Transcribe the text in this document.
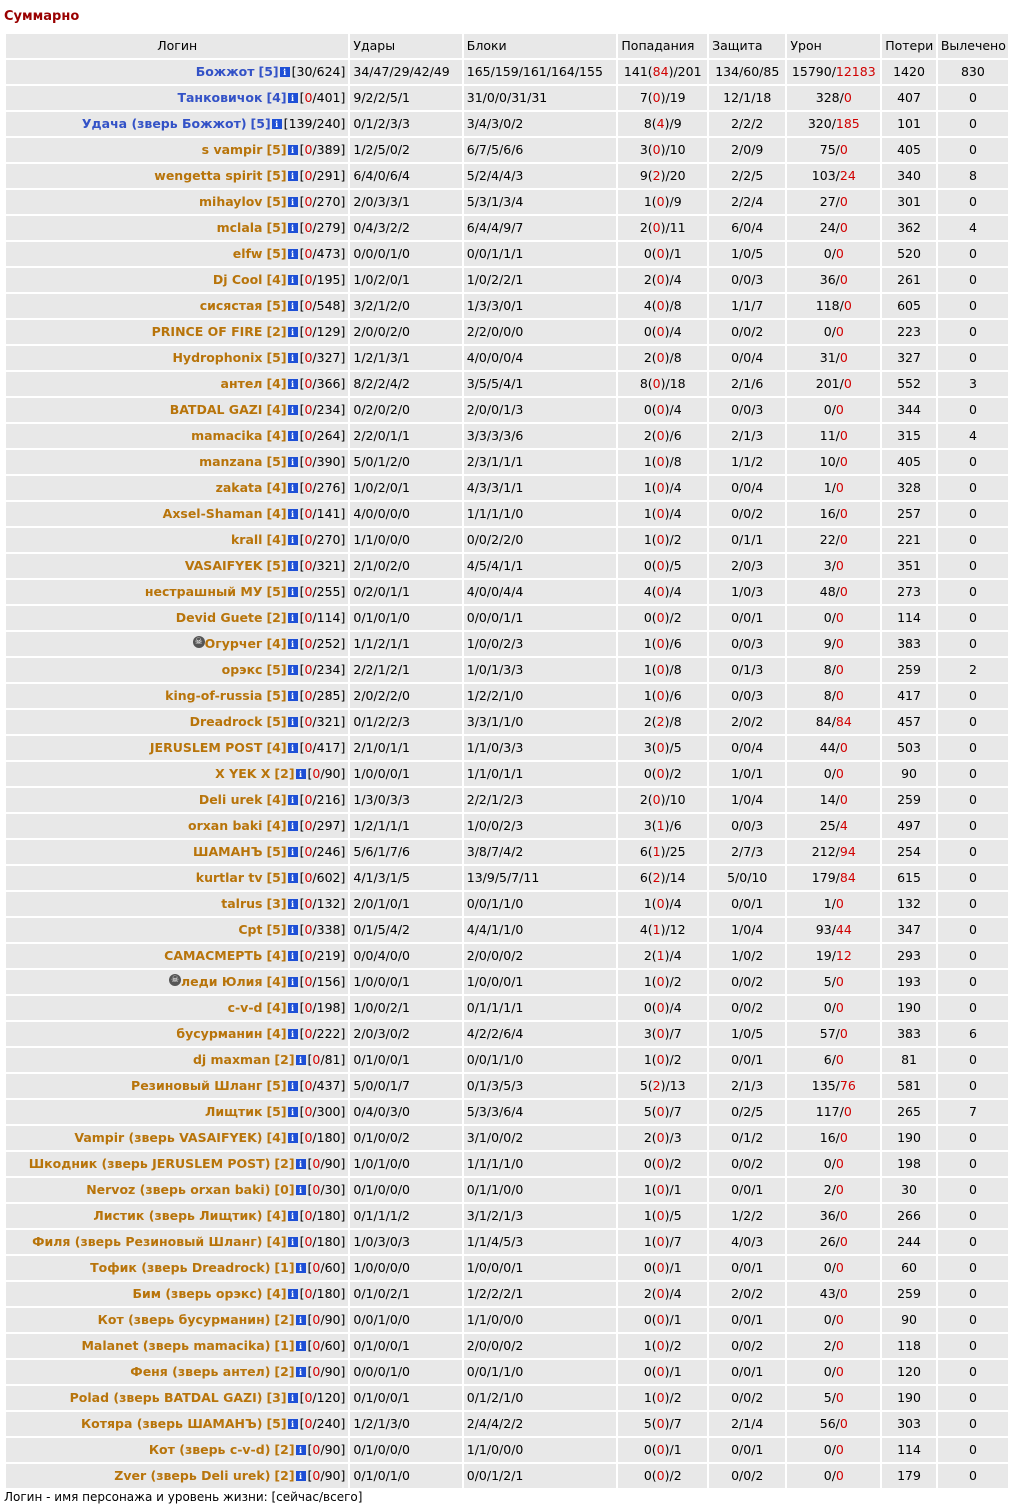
Суммарно
Логин	Удары	Блоки	Попадания	Защита	Урон	Потери	Вылечено
Божжот [5] i [30/624]	34/47/29/42/49	165/159/161/164/155	141(84)/201	134/60/85	15790/12183	1420	830
Танковичок [4] i [0/401]	9/2/2/5/1	31/0/0/31/31	7(0)/19	12/1/18	328/0	407	0
Удача (зверь Божжот) [5] i [139/240]	0/1/2/3/3	3/4/3/0/2	8(4)/9	2/2/2	320/185	101	0
s vampir [5] i [0/389]	1/2/5/0/2	6/7/5/6/6	3(0)/10	2/0/9	75/0	405	0
wengetta spirit [5] i [0/291]	6/4/0/6/4	5/2/4/4/3	9(2)/20	2/2/5	103/24	340	8
mihaylov [5] i [0/270]	2/0/3/3/1	5/3/1/3/4	1(0)/9	2/2/4	27/0	301	0
mclala [5] i [0/279]	0/4/3/2/2	6/4/4/9/7	2(0)/11	6/0/4	24/0	362	4
elfw [5] i [0/473]	0/0/0/1/0	0/0/1/1/1	0(0)/1	1/0/5	0/0	520	0
Dj Cool [4] i [0/195]	1/0/2/0/1	1/0/2/2/1	2(0)/4	0/0/3	36/0	261	0
сисястая [5] i [0/548]	3/2/1/2/0	1/3/3/0/1	4(0)/8	1/1/7	118/0	605	0
PRINCE OF FIRE [2] i [0/129]	2/0/0/2/0	2/2/0/0/0	0(0)/4	0/0/2	0/0	223	0
Hydrophonix [5] i [0/327]	1/2/1/3/1	4/0/0/0/4	2(0)/8	0/0/4	31/0	327	0
антел [4] i [0/366]	8/2/2/4/2	3/5/5/4/1	8(0)/18	2/1/6	201/0	552	3
BATDAL GAZI [4] i [0/234]	0/2/0/2/0	2/0/0/1/3	0(0)/4	0/0/3	0/0	344	0
mamacika [4] i [0/264]	2/2/0/1/1	3/3/3/3/6	2(0)/6	2/1/3	11/0	315	4
manzana [5] i [0/390]	5/0/1/2/0	2/3/1/1/1	1(0)/8	1/1/2	10/0	405	0
zakata [4] i [0/276]	1/0/2/0/1	4/3/3/1/1	1(0)/4	0/0/4	1/0	328	0
Axsel-Shaman [4] i [0/141]	4/0/0/0/0	1/1/1/1/0	1(0)/4	0/0/2	16/0	257	0
krall [4] i [0/270]	1/1/0/0/0	0/0/2/2/0	1(0)/2	0/1/1	22/0	221	0
VASAIFYEK [5] i [0/321]	2/1/0/2/0	4/5/4/1/1	0(0)/5	2/0/3	3/0	351	0
нестрашный МУ [5] i [0/255]	0/2/0/1/1	4/0/0/4/4	4(0)/4	1/0/3	48/0	273	0
Devid Guete [2] i [0/114]	0/1/0/1/0	0/0/0/1/1	0(0)/2	0/0/1	0/0	114	0
☠ Огурчег [4] i [0/252]	1/1/2/1/1	1/0/0/2/3	1(0)/6	0/0/3	9/0	383	0
орэкс [5] i [0/234]	2/2/1/2/1	1/0/1/3/3	1(0)/8	0/1/3	8/0	259	2
king-of-russia [5] i [0/285]	2/0/2/2/0	1/2/2/1/0	1(0)/6	0/0/3	8/0	417	0
Dreadrock [5] i [0/321]	0/1/2/2/3	3/3/1/1/0	2(2)/8	2/0/2	84/84	457	0
JERUSLEM POST [4] i [0/417]	2/1/0/1/1	1/1/0/3/3	3(0)/5	0/0/4	44/0	503	0
X YEK X [2] i [0/90]	1/0/0/0/1	1/1/0/1/1	0(0)/2	1/0/1	0/0	90	0
Deli urek [4] i [0/216]	1/3/0/3/3	2/2/1/2/3	2(0)/10	1/0/4	14/0	259	0
orxan baki [4] i [0/297]	1/2/1/1/1	1/0/0/2/3	3(1)/6	0/0/3	25/4	497	0
ШАМАНЪ [5] i [0/246]	5/6/1/7/6	3/8/7/4/2	6(1)/25	2/7/3	212/94	254	0
kurtlar tv [5] i [0/602]	4/1/3/1/5	13/9/5/7/11	6(2)/14	5/0/10	179/84	615	0
talrus [3] i [0/132]	2/0/1/0/1	0/0/1/1/0	1(0)/4	0/0/1	1/0	132	0
Cpt [5] i [0/338]	0/1/5/4/2	4/4/1/1/0	4(1)/12	1/0/4	93/44	347	0
САМАСМЕРТЬ [4] i [0/219]	0/0/4/0/0	2/0/0/0/2	2(1)/4	1/0/2	19/12	293	0
☠ леди Юлия [4] i [0/156]	1/0/0/0/1	1/0/0/0/1	1(0)/2	0/0/2	5/0	193	0
c-v-d [4] i [0/198]	1/0/0/2/1	0/1/1/1/1	0(0)/4	0/0/2	0/0	190	0
бусурманин [4] i [0/222]	2/0/3/0/2	4/2/2/6/4	3(0)/7	1/0/5	57/0	383	6
dj maxman [2] i [0/81]	0/1/0/0/1	0/0/1/1/0	1(0)/2	0/0/1	6/0	81	0
Резиновый Шланг [5] i [0/437]	5/0/0/1/7	0/1/3/5/3	5(2)/13	2/1/3	135/76	581	0
Лищтик [5] i [0/300]	0/4/0/3/0	5/3/3/6/4	5(0)/7	0/2/5	117/0	265	7
Vampir (зверь VASAIFYEK) [4] i [0/180]	0/1/0/0/2	3/1/0/0/2	2(0)/3	0/1/2	16/0	190	0
Шкодник (зверь JERUSLEM POST) [2] i [0/90]	1/0/1/0/0	1/1/1/1/0	0(0)/2	0/0/2	0/0	198	0
Nervoz (зверь orxan baki) [0] i [0/30]	0/1/0/0/0	0/1/1/0/0	1(0)/1	0/0/1	2/0	30	0
Листик (зверь Лищтик) [4] i [0/180]	0/1/1/1/2	3/1/2/1/3	1(0)/5	1/2/2	36/0	266	0
Филя (зверь Резиновый Шланг) [4] i [0/180]	1/0/3/0/3	1/1/4/5/3	1(0)/7	4/0/3	26/0	244	0
Тофик (зверь Dreadrock) [1] i [0/60]	1/0/0/0/0	1/0/0/0/1	0(0)/1	0/0/1	0/0	60	0
Бим (зверь орэкс) [4] i [0/180]	0/1/0/2/1	1/2/2/2/1	2(0)/4	2/0/2	43/0	259	0
Кот (зверь бусурманин) [2] i [0/90]	0/0/1/0/0	1/1/0/0/0	0(0)/1	0/0/1	0/0	90	0
Malanet (зверь mamacika) [1] i [0/60]	0/1/0/0/1	2/0/0/0/2	1(0)/2	0/0/2	2/0	118	0
Феня (зверь антел) [2] i [0/90]	0/0/0/1/0	0/0/1/1/0	0(0)/1	0/0/1	0/0	120	0
Polad (зверь BATDAL GAZI) [3] i [0/120]	0/1/0/0/1	0/1/2/1/0	1(0)/2	0/0/2	5/0	190	0
Котяра (зверь ШАМАНЪ) [5] i [0/240]	1/2/1/3/0	2/4/4/2/2	5(0)/7	2/1/4	56/0	303	0
Кот (зверь c-v-d) [2] i [0/90]	0/1/0/0/0	1/1/0/0/0	0(0)/1	0/0/1	0/0	114	0
Zver (зверь Deli urek) [2] i [0/90]	0/1/0/1/0	0/0/1/2/1	0(0)/2	0/0/2	0/0	179	0
Логин - имя персонажа и уровень жизни: [сейчас/всего]
